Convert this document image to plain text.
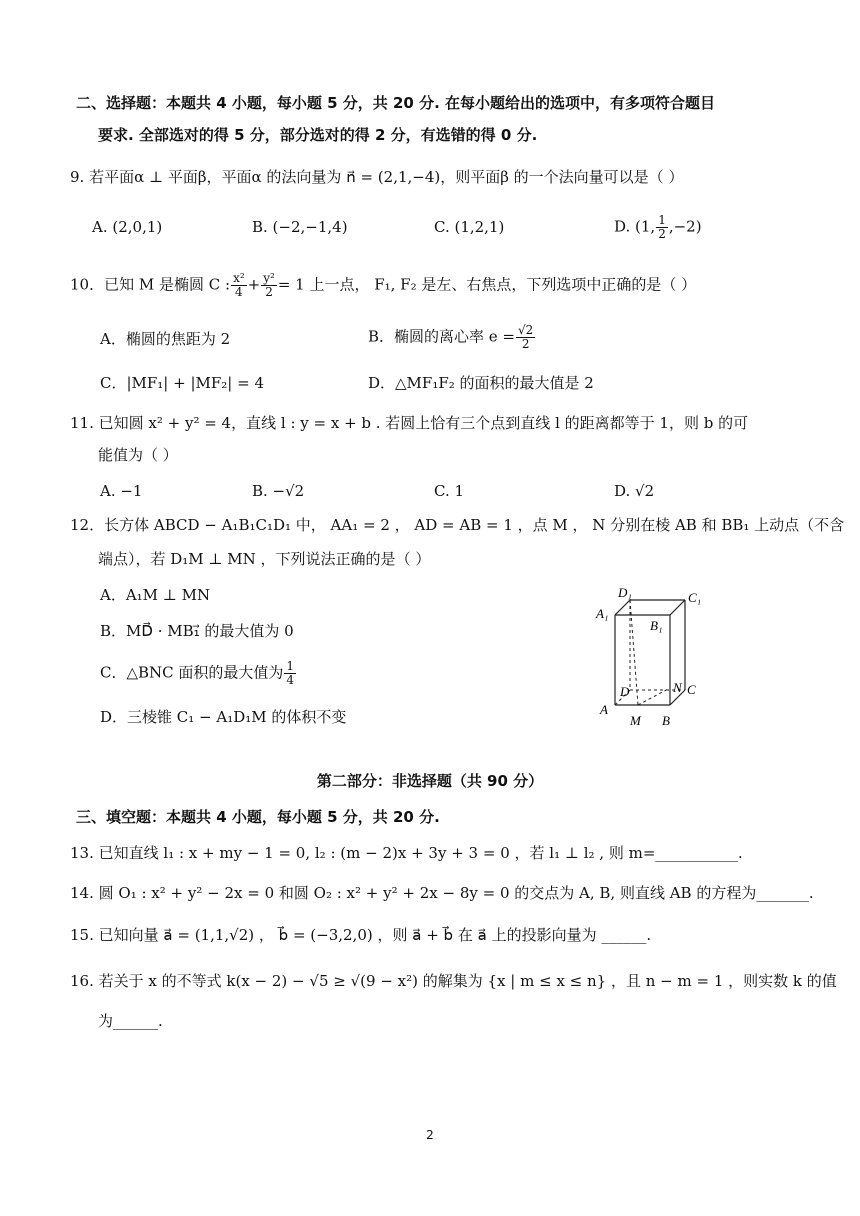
二、选择题：本题共 4 小题，每小题 5 分，共 20 分. 在每小题给出的选项中，有多项符合题目
要求. 全部选对的得 5 分，部分选对的得 2 分，有选错的得 0 分.
9. 若平面α ⊥ 平面β，平面α 的法向量为 n⃗ = (2,1,−4)，则平面β 的一个法向量可以是（ ）
A. (2,0,1)	B. (−2,−1,4)	C. (1,2,1)	D. (1, $\frac{1}{2} ,-2$)
10．已知 M 是椭圆 C : $\frac{\text{x²}}{4} + \frac{\text{y²}}{2} = 1$ 上一点， F₁, F₂ 是左、右焦点，下列选项中正确的是（ ）
A．椭圆的焦距为 2	B．椭圆的离心率 $e = \frac{√2}{2}$
C．|MF₁| + |MF₂| = 4	D．△MF₁F₂ 的面积的最大值是 2
11. 已知圆 x² + y² = 4，直线 l : y = x + b . 若圆上恰有三个点到直线 l 的距离都等于 1，则 b 的可
能值为（ ）
A. −1	B. −√2	C. 1	D. √2
12．长方体 ABCD − A₁B₁C₁D₁ 中， AA₁ = 2 ， AD = AB = 1 ，点 M ， N 分别在棱 AB 和 BB₁ 上动点（不含
端点），若 D₁M ⊥ MN ，下列说法正确的是（ ）
A．A₁M ⊥ MN
B．MD⃗ · MB₁⃗ 的最大值为 0
C．△BNC 面积的最大值为 $\frac{1}{4}$
D．三棱锥 C₁ − A₁D₁M 的体积不变
D₁	C₁
A₁
B₁
D	N C
A
M B
第二部分：非选择题（共 90 分）
三、填空题：本题共 4 小题，每小题 5 分，共 20 分.
13. 已知直线 l₁ : x + my − 1 = 0, l₂ : (m − 2)x + 3y + 3 = 0 ，若 l₁ ⊥ l₂ , 则 m=___________.
14. 圆 O₁ : x² + y² − 2x = 0 和圆 O₂ : x² + y² + 2x − 8y = 0 的交点为 A, B, 则直线 AB 的方程为_______.
15. 已知向量 a⃗ = (1,1,√2) ， b⃗ = (−3,2,0) ，则 a⃗ + b⃗ 在 a⃗ 上的投影向量为 ______.
16. 若关于 x 的不等式 k(x − 2) − √5 ≥ √(9 − x²) 的解集为 {x | m ≤ x ≤ n} ，且 n − m = 1 ，则实数 k 的值
为______.
2
